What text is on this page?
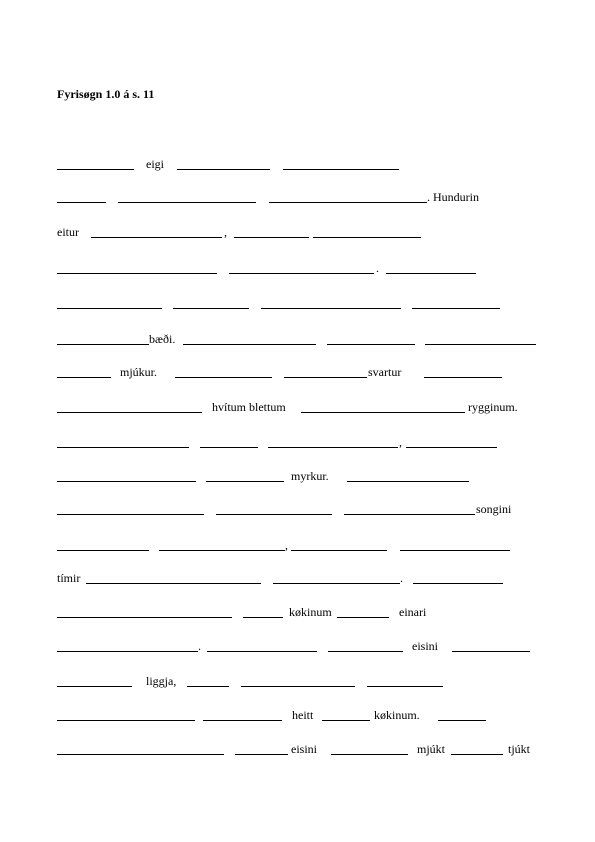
Fyrisøgn 1.0 á s. 11
eigi
. Hundurin
eitur	,
.
bæði.
mjúkur.	svartur
hvítum blettum	rygginum.
,
myrkur.
songini
,
tímir	.
køkinum	einari
.	eisini
liggja,
heitt	køkinum.
eisini	mjúkt	tjúkt
